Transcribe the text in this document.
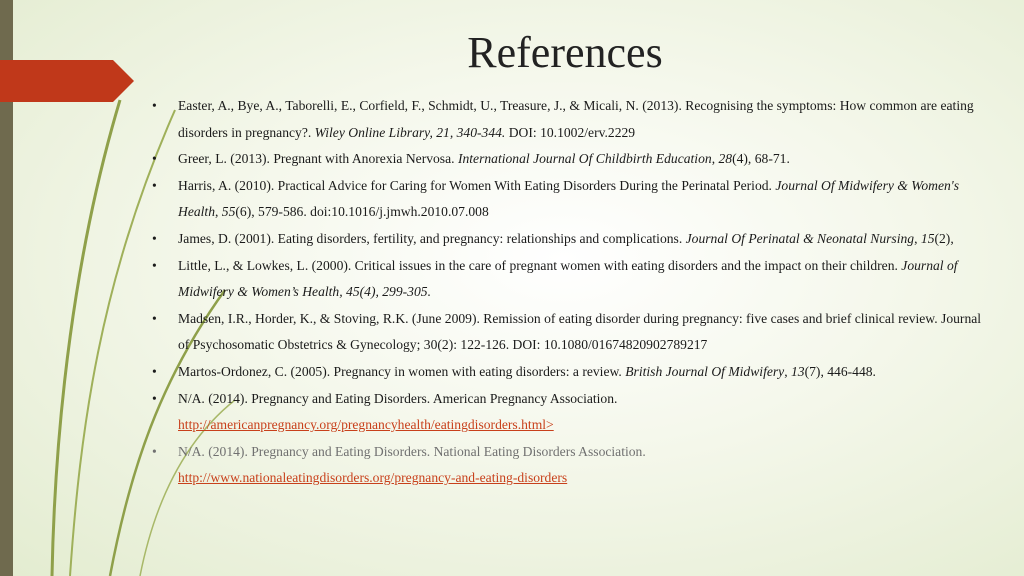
References
• Easter, A., Bye, A., Taborelli, E., Corfield, F., Schmidt, U., Treasure, J., & Micali, N. (2013). Recognising the symptoms: How common are eating disorders in pregnancy?. Wiley Online Library, 21, 340-344. DOI: 10.1002/erv.2229
• Greer, L. (2013). Pregnant with Anorexia Nervosa. International Journal Of Childbirth Education, 28(4), 68-71.
• Harris, A. (2010). Practical Advice for Caring for Women With Eating Disorders During the Perinatal Period. Journal Of Midwifery & Women's Health, 55(6), 579-586. doi:10.1016/j.jmwh.2010.07.008
• James, D. (2001). Eating disorders, fertility, and pregnancy: relationships and complications. Journal Of Perinatal & Neonatal Nursing, 15(2),
• Little, L., & Lowkes, L. (2000). Critical issues in the care of pregnant women with eating disorders and the impact on their children. Journal of Midwifery & Women’s Health, 45(4), 299-305.
• Madsen, I.R., Horder, K., & Stoving, R.K. (June 2009). Remission of eating disorder during pregnancy: five cases and brief clinical review. Journal of Psychosomatic Obstetrics & Gynecology; 30(2): 122-126. DOI: 10.1080/01674820902789217
• Martos-Ordonez, C. (2005). Pregnancy in women with eating disorders: a review. British Journal Of Midwifery, 13(7), 446-448.
• N/A. (2014). Pregnancy and Eating Disorders. American Pregnancy Association.
http://americanpregnancy.org/pregnancyhealth/eatingdisorders.html>
• N/A. (2014). Pregnancy and Eating Disorders. National Eating Disorders Association.
http://www.nationaleatingdisorders.org/pregnancy-and-eating-disorders
